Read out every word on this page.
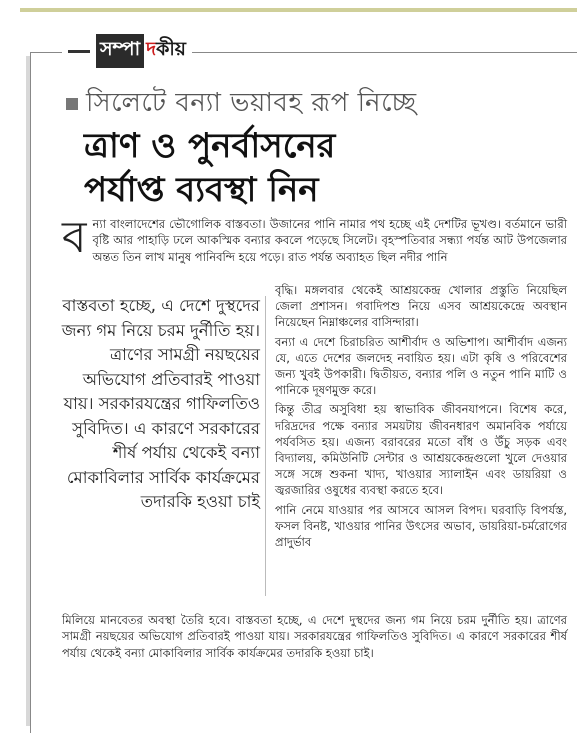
সম্পা দকীয়
সিলেটে বন্যা ভয়াবহ রূপ নিচ্ছে
ত্রাণ ও পুনর্বাসনের
পর্যাপ্ত ব্যবস্থা নিন
বন্যা বাংলাদেশের ভৌগোলিক বাস্তবতা। উজানের পানি নামার পথ হচ্ছে এই দেশটির ভূখণ্ড। বর্তমানে ভারী বৃষ্টি আর পাহাড়ি ঢলে আকস্মিক বন্যার কবলে পড়েছে সিলেট। বৃহস্পতিবার সন্ধ্যা পর্যন্ত আট উপজেলার অন্তত তিন লাখ মানুষ পানিবন্দি হয়ে পড়ে। রাত পর্যন্ত অব্যাহত ছিল নদীর পানি
বাস্তবতা হচ্ছে, এ দেশে দুস্থদের জন্য গম নিয়ে চরম দুর্নীতি হয়। ত্রাণের সামগ্রী নয়ছয়ের অভিযোগ প্রতিবারই পাওয়া যায়। সরকারযন্ত্রের গাফিলতিও সুবিদিত। এ কারণে সরকারের শীর্ষ পর্যায় থেকেই বন্যা মোকাবিলার সার্বিক কার্যক্রমের তদারকি হওয়া চাই

বৃদ্ধি। মঙ্গলবার থেকেই আশ্রয়কেন্দ্র খোলার প্রস্তুতি নিয়েছিল জেলা প্রশাসন। গবাদিপশু নিয়ে এসব আশ্রয়কেন্দ্রে অবস্থান নিয়েছেন নিম্নাঞ্চলের বাসিন্দারা।

বন্যা এ দেশে চিরাচরিত আশীর্বাদ ও অভিশাপ। আশীর্বাদ এজন্য যে, এতে দেশের জলদেহ নবায়িত হয়। এটা কৃষি ও পরিবেশের জন্য খুবই উপকারী। দ্বিতীয়ত, বন্যার পলি ও নতুন পানি মাটি ও পানিকে দূষণমুক্ত করে।

কিন্তু তীব্র অসুবিধা হয় স্বাভাবিক জীবনযাপনে। বিশেষ করে, দরিদ্রদের পক্ষে বন্যার সময়টায় জীবনধারণ অমানবিক পর্যায়ে পর্যবসিত হয়। এজন্য বরাবরের মতো বাঁধ ও উঁচু সড়ক এবং বিদ্যালয়, কমিউনিটি সেন্টার ও আশ্রয়কেন্দ্রগুলো খুলে দেওয়ার সঙ্গে সঙ্গে শুকনা খাদ্য, খাওয়ার স্যালাইন এবং ডায়রিয়া ও জ্বরজারির ওষুধের ব্যবস্থা করতে হবে।

পানি নেমে যাওয়ার পর আসবে আসল বিপদ। ঘরবাড়ি বিপর্যস্ত, ফসল বিনষ্ট, খাওয়ার পানির উৎসের অভাব, ডায়রিয়া-চর্মরোগের প্রাদুর্ভাব

মিলিয়ে মানবেতর অবস্থা তৈরি হবে। বাস্তবতা হচ্ছে, এ দেশে দুস্থদের জন্য গম নিয়ে চরম দুর্নীতি হয়। ত্রাণের সামগ্রী নয়ছয়ের অভিযোগ প্রতিবারই পাওয়া যায়। সরকারযন্ত্রের গাফিলতিও সুবিদিত। এ কারণে সরকারের শীর্ষ পর্যায় থেকেই বন্যা মোকাবিলার সার্বিক কার্যক্রমের তদারকি হওয়া চাই।
